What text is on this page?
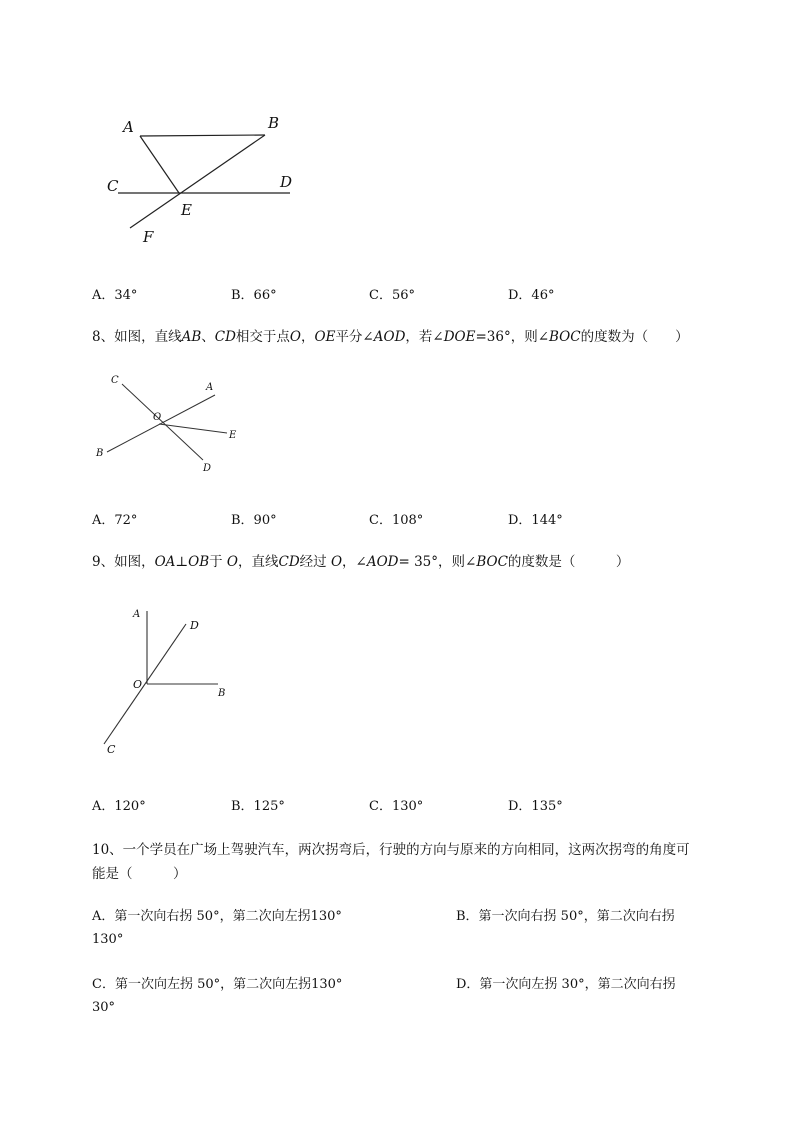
A	B
C	D
E
F
A．34°	B．66°	C．56°	D．46°
8、如图，直线AB、CD相交于点O，OE平分∠AOD，若∠DOE=36°，则∠BOC的度数为（　　）
C
A
O
E
B
D
A．72°	B．90°	C．108°	D．144°
9、如图，OA⊥OB于 O，直线CD经过 O，∠AOD= 35°，则∠BOC的度数是（　　　）
A
D
O
B
C
A．120°	B．125°	C．130°	D．135°
10、一个学员在广场上驾驶汽车，两次拐弯后，行驶的方向与原来的方向相同，这两次拐弯的角度可
能是（　　　）
A．第一次向右拐 50°，第二次向左拐130°	B．第一次向右拐 50°，第二次向右拐
130°
C．第一次向左拐 50°，第二次向左拐130°	D．第一次向左拐 30°，第二次向右拐
30°
